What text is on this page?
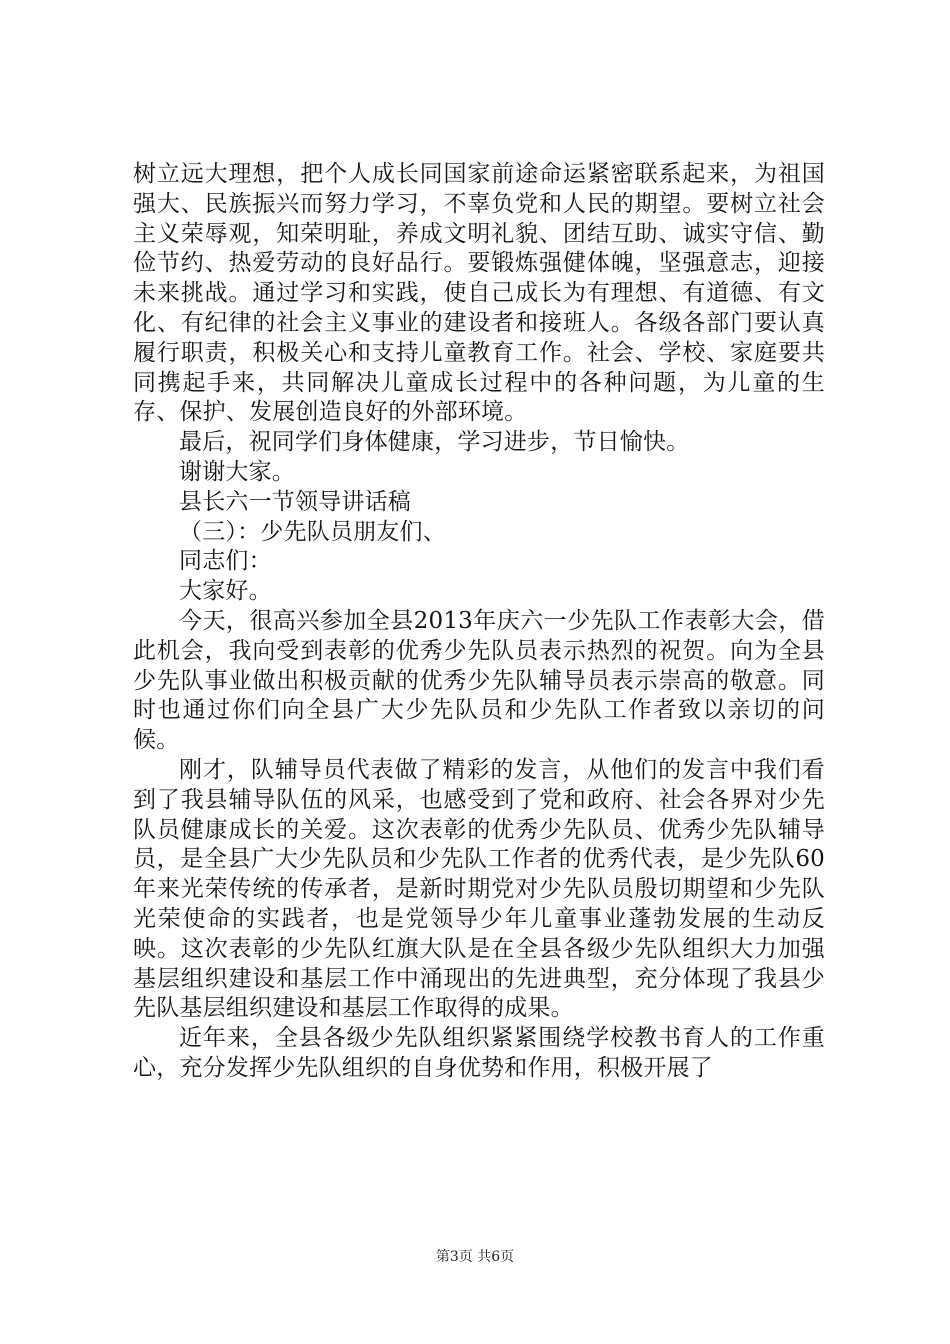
树立远大理想，把个人成长同国家前途命运紧密联系起来，为祖国强大、民族振兴而努力学习，不辜负党和人民的期望。要树立社会主义荣辱观，知荣明耻，养成文明礼貌、团结互助、诚实守信、勤俭节约、热爱劳动的良好品行。要锻炼强健体魄，坚强意志，迎接未来挑战。通过学习和实践，使自己成长为有理想、有道德、有文化、有纪律的社会主义事业的建设者和接班人。各级各部门要认真履行职责，积极关心和支持儿童教育工作。社会、学校、家庭要共同携起手来，共同解决儿童成长过程中的各种问题，为儿童的生存、保护、发展创造良好的外部环境。

最后，祝同学们身体健康，学习进步，节日愉快。

谢谢大家。

县长六一节领导讲话稿

（三）：少先队员朋友们、

同志们：

大家好。

今天，很高兴参加全县2013年庆六一少先队工作表彰大会，借此机会，我向受到表彰的优秀少先队员表示热烈的祝贺。向为全县少先队事业做出积极贡献的优秀少先队辅导员表示崇高的敬意。同时也通过你们向全县广大少先队员和少先队工作者致以亲切的问候。

刚才，队辅导员代表做了精彩的发言，从他们的发言中我们看到了我县辅导队伍的风采，也感受到了党和政府、社会各界对少先队员健康成长的关爱。这次表彰的优秀少先队员、优秀少先队辅导员，是全县广大少先队员和少先队工作者的优秀代表，是少先队60年来光荣传统的传承者，是新时期党对少先队员殷切期望和少先队光荣使命的实践者，也是党领导少年儿童事业蓬勃发展的生动反映。这次表彰的少先队红旗大队是在全县各级少先队组织大力加强基层组织建设和基层工作中涌现出的先进典型，充分体现了我县少先队基层组织建设和基层工作取得的成果。

近年来，全县各级少先队组织紧紧围绕学校教书育人的工作重心，充分发挥少先队组织的自身优势和作用，积极开展了

第3页 共6页
